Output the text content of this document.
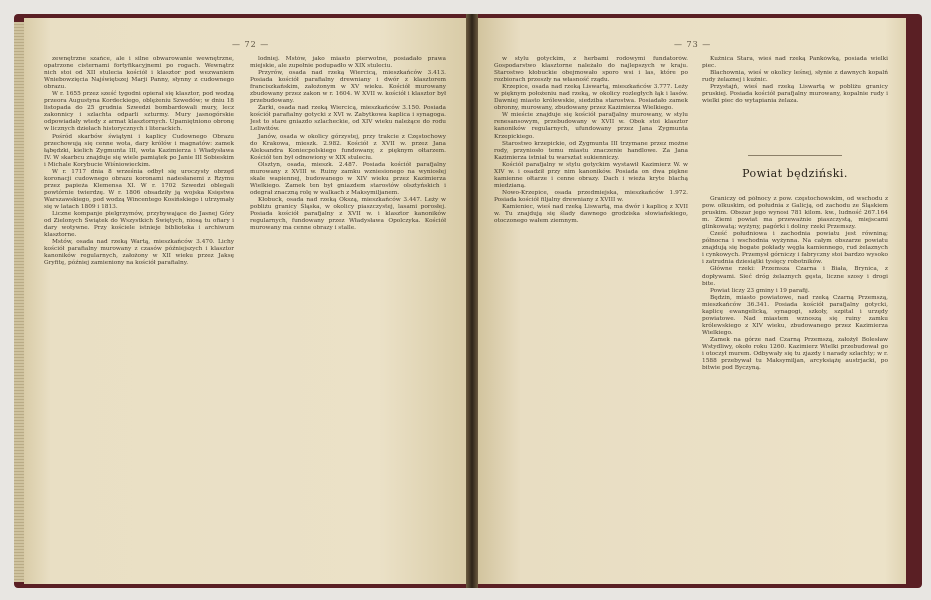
— 72 —

zewnętrzne szańce, ale i silne obwarowanie wewnętrzne, opatrzone cisternami fortyfikacyjnemi po rogach. Wewnątrz nich stoi od XII stulecia kościół i klasztor pod wezwaniem Wniebowzięcia Najświętszej Marji Panny, słynny z cudownego obrazu.

W r. 1655 przez sześć tygodni opierał się klasztor, pod wodzą przeora Augustyna Kordeckiego, oblężeniu Szwedów; w dniu 18 listopada do 25 grudnia Szwedzi bombardowali mury, lecz zakonnicy i szlachta odparli szturmy. Mury jasnogórskie odpowiadały wtedy z armat klasztornych. Upamiętniono obronę w licznych dziełach historycznych i literackich.

Pośród skarbów świątyni i kaplicy Cudownego Obrazu przechowują się cenne wota, dary królów i magnatów: zamek łąbędzki, kielich Zygmunta III, wota Kazimierza i Władysława IV. W skarbcu znajduje się wiele pamiątek po Janie III Sobieskim i Michale Korybucie Wiśniowieckim.

W r. 1717 dnia 8 września odbył się uroczysty obrzęd koronacji cudownego obrazu koronami nadesłanemi z Rzymu przez papieża Klemensa XI. W r. 1702 Szwedzi oblegali powtórnie twierdzę. W r. 1806 obsadziły ją wojska Księstwa Warszawskiego, pod wodzą Wincentego Kosińskiego i utrzymały się w latach 1809 i 1813.

Liczne kompanje pielgrzymów, przybywające do Jasnej Góry od Zielonych Świątek do Wszystkich Świętych, niosą tu ofiary i dary wotywne. Przy kościele istnieje biblioteka i archiwum klasztorne.

Mstów, osada nad rzeką Wartą, mieszkańców 3.470. Lichy kościół parafialny murowany z czasów późniejszych i klasztor kanoników regularnych, założony w XII wieku przez Jaksę Gryfitę, później zamieniony na kościół parafialny.

lodniej. Mstów, jako miasto pierwotne, posiadało prawa miejskie, ale zupełnie podupadło w XIX stuleciu.

Przyrów, osada nad rzeką Wiercicą, mieszkańców 3.413. Posiada kościół parafialny drewniany i dwór z klasztorem franciszkańskim, założonym w XV wieku. Kościół murowany zbudowany przez zakon w r. 1604. W XVII w. kościół i klasztor był przebudowany.

Żarki, osada nad rzeką Wiercicą, mieszkańców 3.150. Posiada kościół parafialny gotycki z XVI w. Zabytkowa kaplica i synagoga. Jest to stare gniazdo szlacheckie, od XIV wieku należące do rodu Leliwitów.

Janów, osada w okolicy górzystej, przy trakcie z Częstochowy do Krakowa, mieszk. 2.982. Kościół z XVII w. przez Jana Aleksandra Koniecpolskiego fundowany, z pięknym ołtarzem. Kościół ten był odnowiony w XIX stuleciu.

Olsztyn, osada, mieszk. 2.487. Posiada kościół parafjalny murowany z XVIII w. Ruiny zamku wzniesionego na wyniosłej skale wapiennej, budowanego w XIV wieku przez Kazimierza Wielkiego. Zamek ten był gniazdem starostów olsztyńskich i odegrał znaczną rolę w walkach z Maksymiljanem.

Kłobuck, osada nad rzeką Okszą, mieszkańców 3.447. Leży w pobliżu granicy Śląska, w okolicy piaszczystej, lasami porosłej. Posiada kościół parafjalny z XVII w. i klasztor kanoników regularnych, fundowany przez Władysława Opolczyka. Kościół murowany ma cenne obrazy i stalle.

— 73 —

w stylu gotyckim, z herbami rodowymi fundatorów. Gospodarstwo klasztorne należało do najlepszych w kraju. Starostwo kłobuckie obejmowało sporo wsi i las, które po rozbiorach przeszły na własność rządu.

Krzepice, osada nad rzeką Liswartą, mieszkańców 3.777. Leży w pięknym położeniu nad rzeką, w okolicy rozległych łąk i lasów. Dawniej miasto królewskie, siedziba starostwa. Posiadało zamek obronny, murowany, zbudowany przez Kazimierza Wielkiego.

W mieście znajduje się kościół parafjalny murowany, w stylu renesansowym, przebudowany w XVII w. Obok stoi klasztor kanoników regularnych, ufundowany przez Jana Zygmunta Krzepickiego.

Starostwo krzepickie, od Zygmunta III trzymane przez możne rody, przyniosło temu miastu znaczenie handlowe. Za Jana Kazimierza istniał tu warsztat sukienniczy.

Kościół parafjalny w stylu gotyckim wystawił Kazimierz W. w XIV w. i osadził przy nim kanoników. Posiada on dwa piękne kamienne ołtarze i cenne obrazy. Dach i wieża kryte blachą miedzianą.

Nowo-Krzepice, osada przedmiejska, mieszkańców 1.972. Posiada kościół filjalny drewniany z XVIII w.

Kamieniec, wieś nad rzeką Liswartą, ma dwór i kaplicę z XVII w. Tu znajdują się ślady dawnego grodziska słowiańskiego, otoczonego wałem ziemnym.

Kuźnica Stara, wieś nad rzeką Pankówką, posiada wielki piec.

Blachownia, wieś w okolicy leśnej, słynie z dawnych kopalń rudy żelaznej i kuźnic.

Przystajń, wieś nad rzeką Liswartą w pobliżu granicy pruskiej. Posiada kościół parafjalny murowany, kopalnie rudy i wielki piec do wytapiania żelaza.

Powiat będziński.

Graniczy od północy z pow. częstochowskim, od wschodu z pow. olkuskim, od południa z Galicją, od zachodu ze Śląskiem pruskim. Obszar jego wynosi 781 kilom. kw., ludność 267.164 m. Ziemi powiat ma przeważnie piaszczystą, miejscami glinkowatą; wyżyny, pagórki i doliny rzeki Przemszy.

Cześć południowa i zachodnia powiatu jest równiną; północna i wschodnia wyżynna. Na całym obszarze powiatu znajdują się bogate pokłady węgla kamiennego, rud żelaznych i cynkowych. Przemysł górniczy i fabryczny stoi bardzo wysoko i zatrudnia dziesiątki tysięcy robotników.

Główne rzeki: Przemsza Czarna i Biała, Brynica, z dopływami. Sieć dróg żelaznych gęsta, liczne szosy i drogi bite.

Powiat liczy 23 gminy i 19 parafij.

Będzin, miasto powiatowe, nad rzeką Czarną Przemszą, mieszkańców 36.341. Posiada kościół parafjalny gotycki, kaplicę ewangelicką, synagogi, szkoły, szpital i urzędy powiatowe. Nad miastem wznoszą się ruiny zamku królewskiego z XIV wieku, zbudowanego przez Kazimierza Wielkiego.

Zamek na górze nad Czarną Przemszą, założył Bolesław Wstydliwy, około roku 1260. Kazimierz Wielki przebudował go i otoczył murem. Odbywały się tu zjazdy i narady szlachty; w r. 1588 przebywał tu Maksymiljan, arcyksiążę austrjacki, po bitwie pod Byczyną.
